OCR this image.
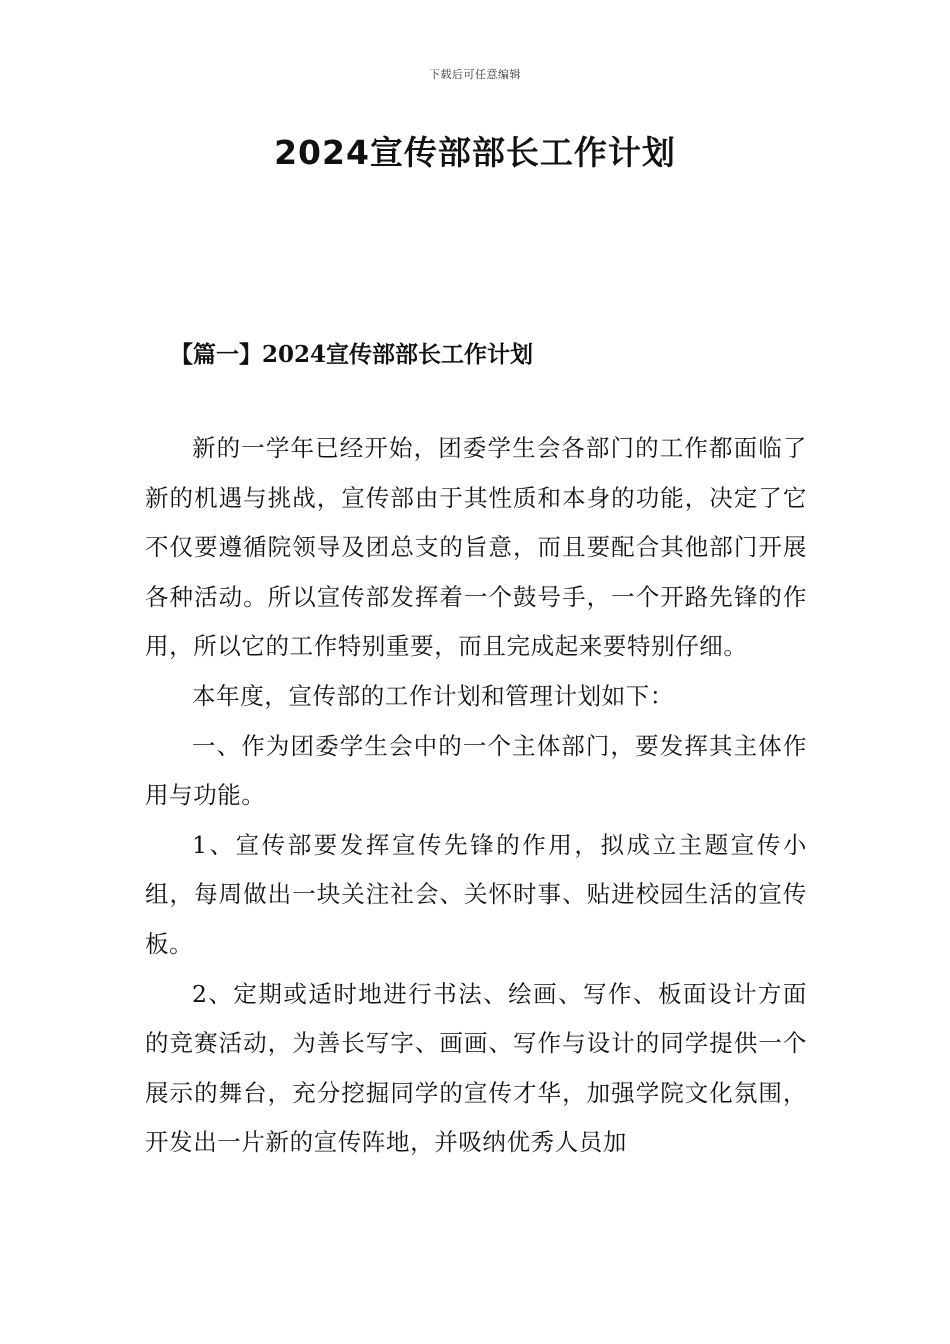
下载后可任意编辑
2024宣传部部长工作计划
【篇一】2024宣传部部长工作计划

新的一学年已经开始，团委学生会各部门的工作都面临了新的机遇与挑战，宣传部由于其性质和本身的功能，决定了它不仅要遵循院领导及团总支的旨意，而且要配合其他部门开展各种活动。所以宣传部发挥着一个鼓号手，一个开路先锋的作用，所以它的工作特别重要，而且完成起来要特别仔细。

本年度，宣传部的工作计划和管理计划如下：

一、作为团委学生会中的一个主体部门，要发挥其主体作用与功能。

1、宣传部要发挥宣传先锋的作用，拟成立主题宣传小组，每周做出一块关注社会、关怀时事、贴进校园生活的宣传板。

2、定期或适时地进行书法、绘画、写作、板面设计方面的竞赛活动，为善长写字、画画、写作与设计的同学提供一个展示的舞台，充分挖掘同学的宣传才华，加强学院文化氛围，开发出一片新的宣传阵地，并吸纳优秀人员加
